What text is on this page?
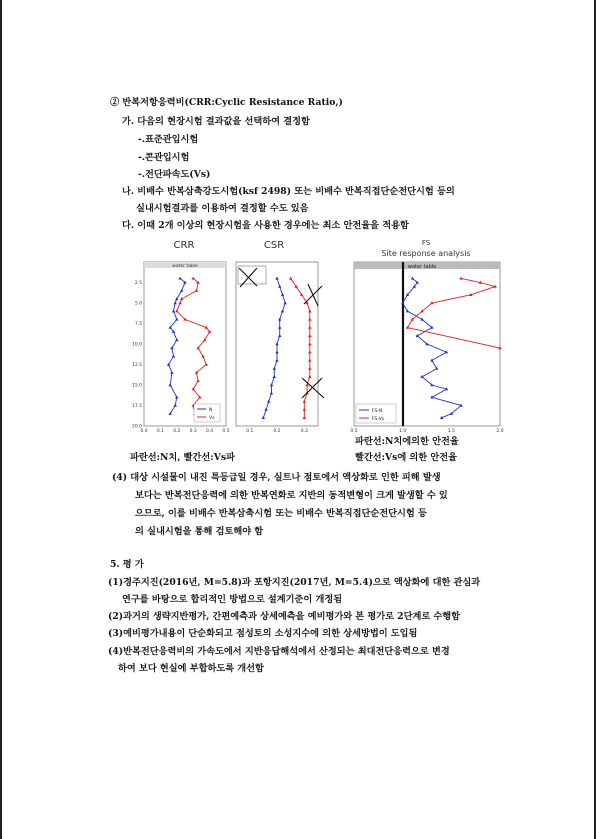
② 반복저항응력비(CRR:Cyclic Resistance Ratio,)
가. 다음의 현장시험 결과값을 선택하여 결정함
-.표준관입시험
-.콘관입시험
-.전단파속도(Vs)
나. 비배수 반복삼축강도시험(ksf 2498) 또는 비배수 반복직접단순전단시험 등의
실내시험결과를 이용하여 결정할 수도 있음
다. 이때 2개 이상의 현장시험을 사용한 경우에는 최소 안전율을 적용함
CRR
water table
2.5
5.0
7.5
10.0
12.5
15.0
17.5
20.0
0.0 0.1 0.2 0.3 0.4 0.5
N
Vs
CSR
0.1	0.2	0.3
FS
Site response analysis
water table
0.5	1.0	1.5	2.0
FS-N
FS-Vs
파란선:N치에의한 안전율
파란선:N치, 빨간선:Vs파	빨간선:Vs에 의한 안전율
(4) 대상 시설물이 내진 특등급일 경우, 실트나 점토에서 액상화로 인한 피해 발생
보다는 반복전단응력에 의한 반복연화로 지반의 동적변형이 크게 발생할 수 있
으므로, 이를 비배수 반복삼축시험 또는 비배수 반복직접단순전단시험 등
의 실내시험을 통해 검토해야 함
5. 평 가
(1)경주지진(2016년, M=5.8)과 포항지진(2017년, M=5.4)으로 액상화에 대한 관심과
연구를 바탕으로 합리적인 방법으로 설계기준이 개정됨
(2)과거의 생략지반평가, 간편예측과 상세예측을 예비평가와 본 평가로 2단계로 수행함
(3)예비평가내용이 단순화되고 점성토의 소성지수에 의한 상세방법이 도입됨
(4)반복전단응력비의 가속도에서 지반응답해석에서 산정되는 최대전단응력으로 변경
하여 보다 현실에 부합하도록 개선함
